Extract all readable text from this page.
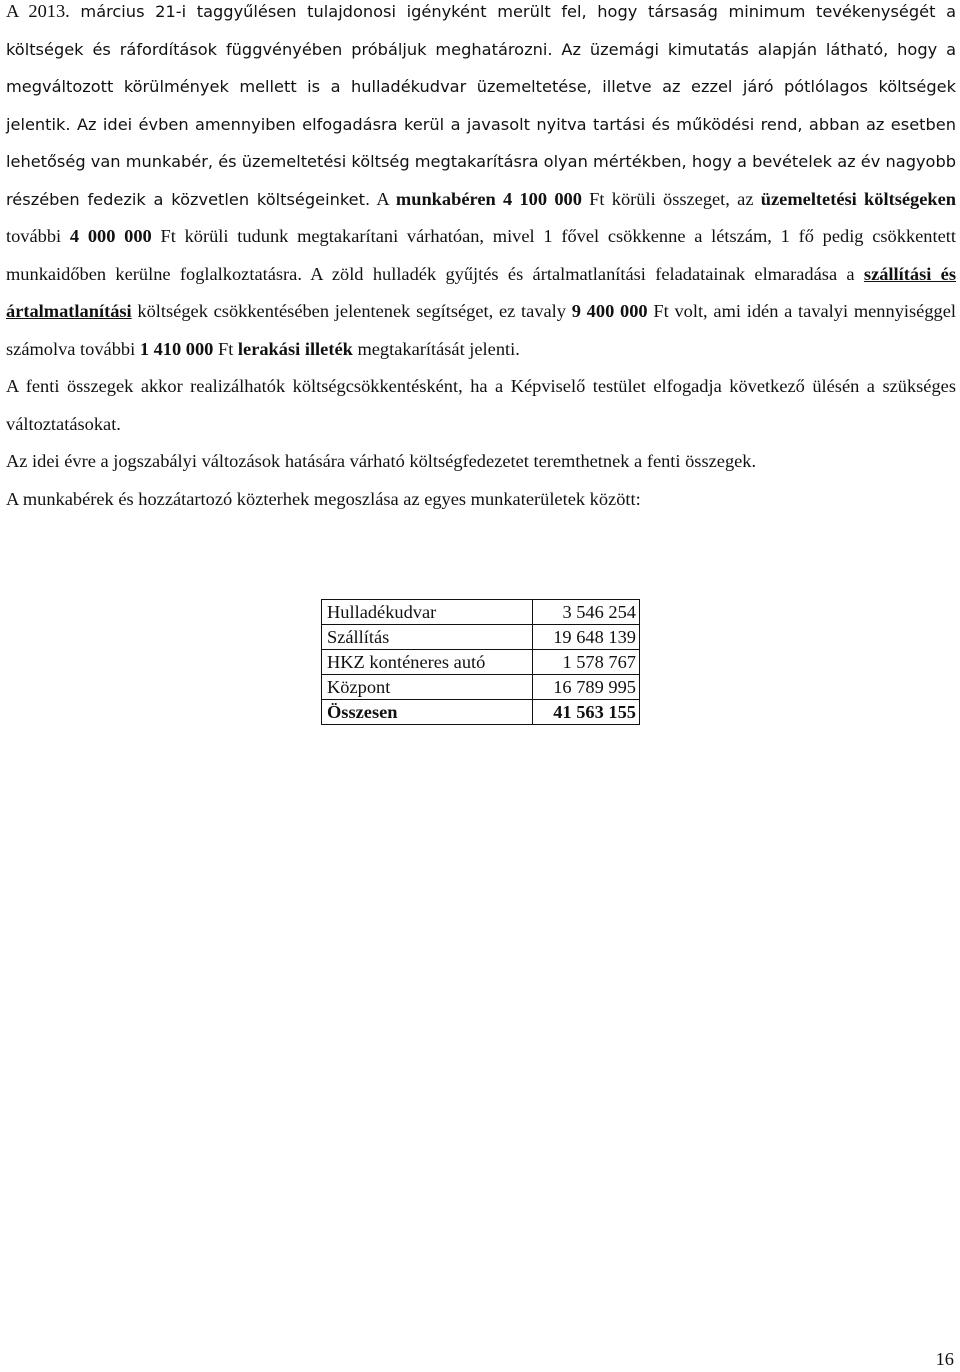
A 2013. március 21-i taggyűlésen tulajdonosi igényként merült fel, hogy társaság minimum tevékenységét a költségek és ráfordítások függvényében próbáljuk meghatározni. Az üzemági kimutatás alapján látható, hogy a megváltozott körülmények mellett is a hulladékudvar üzemeltetése, illetve az ezzel járó pótlólagos költségek jelentik. Az idei évben amennyiben elfogadásra kerül a javasolt nyitva tartási és működési rend, abban az esetben lehetőség van munkabér, és üzemeltetési költség megtakarításra olyan mértékben, hogy a bevételek az év nagyobb részében fedezik a közvetlen költségeinket. A munkabéren 4 100 000 Ft körüli összeget, az üzemeltetési költségeken további 4 000 000 Ft körüli tudunk megtakarítani várhatóan, mivel 1 fővel csökkenne a létszám, 1 fő pedig csökkentett munkaidőben kerülne foglalkoztatásra. A zöld hulladék gyűjtés és ártalmatlanítási feladatainak elmaradása a szállítási és ártalmatlanítási költségek csökkentésében jelentenek segítséget, ez tavaly 9 400 000 Ft volt, ami idén a tavalyi mennyiséggel számolva további 1 410 000 Ft lerakási illeték megtakarítását jelenti.

A fenti összegek akkor realizálhatók költségcsökkentésként, ha a Képviselő testület elfogadja következő ülésén a szükséges változtatásokat.

Az idei évre a jogszabályi változások hatására várható költségfedezetet teremthetnek a fenti összegek.

A munkabérek és hozzátartozó közterhek megoszlása az egyes munkaterületek között:

Hulladékudvar	3 546 254
Szállítás	19 648 139
HKZ konténeres autó	1 578 767
Központ	16 789 995
Összesen	41 563 155
16
